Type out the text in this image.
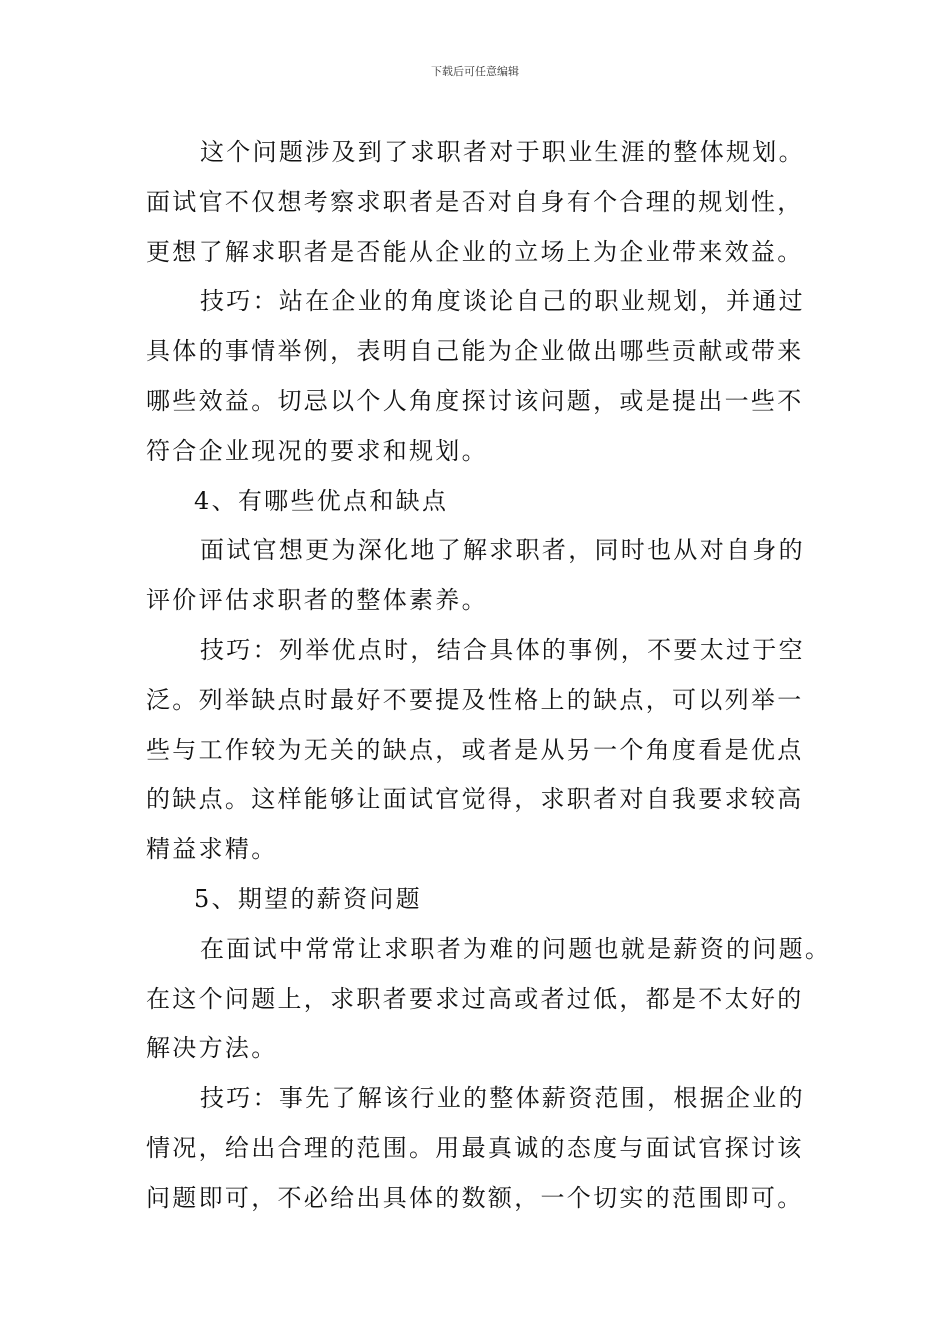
下载后可任意编辑

这个问题涉及到了求职者对于职业生涯的整体规划。
面试官不仅想考察求职者是否对自身有个合理的规划性，
更想了解求职者是否能从企业的立场上为企业带来效益。

技巧：站在企业的角度谈论自己的职业规划，并通过
具体的事情举例，表明自己能为企业做出哪些贡献或带来
哪些效益。切忌以个人角度探讨该问题，或是提出一些不
符合企业现况的要求和规划。

4、有哪些优点和缺点

面试官想更为深化地了解求职者，同时也从对自身的
评价评估求职者的整体素养。

技巧：列举优点时，结合具体的事例，不要太过于空
泛。列举缺点时最好不要提及性格上的缺点，可以列举一
些与工作较为无关的缺点，或者是从另一个角度看是优点
的缺点。这样能够让面试官觉得，求职者对自我要求较高
精益求精。

5、期望的薪资问题

在面试中常常让求职者为难的问题也就是薪资的问题。
在这个问题上，求职者要求过高或者过低，都是不太好的
解决方法。

技巧：事先了解该行业的整体薪资范围，根据企业的
情况，给出合理的范围。用最真诚的态度与面试官探讨该
问题即可，不必给出具体的数额，一个切实的范围即可。
